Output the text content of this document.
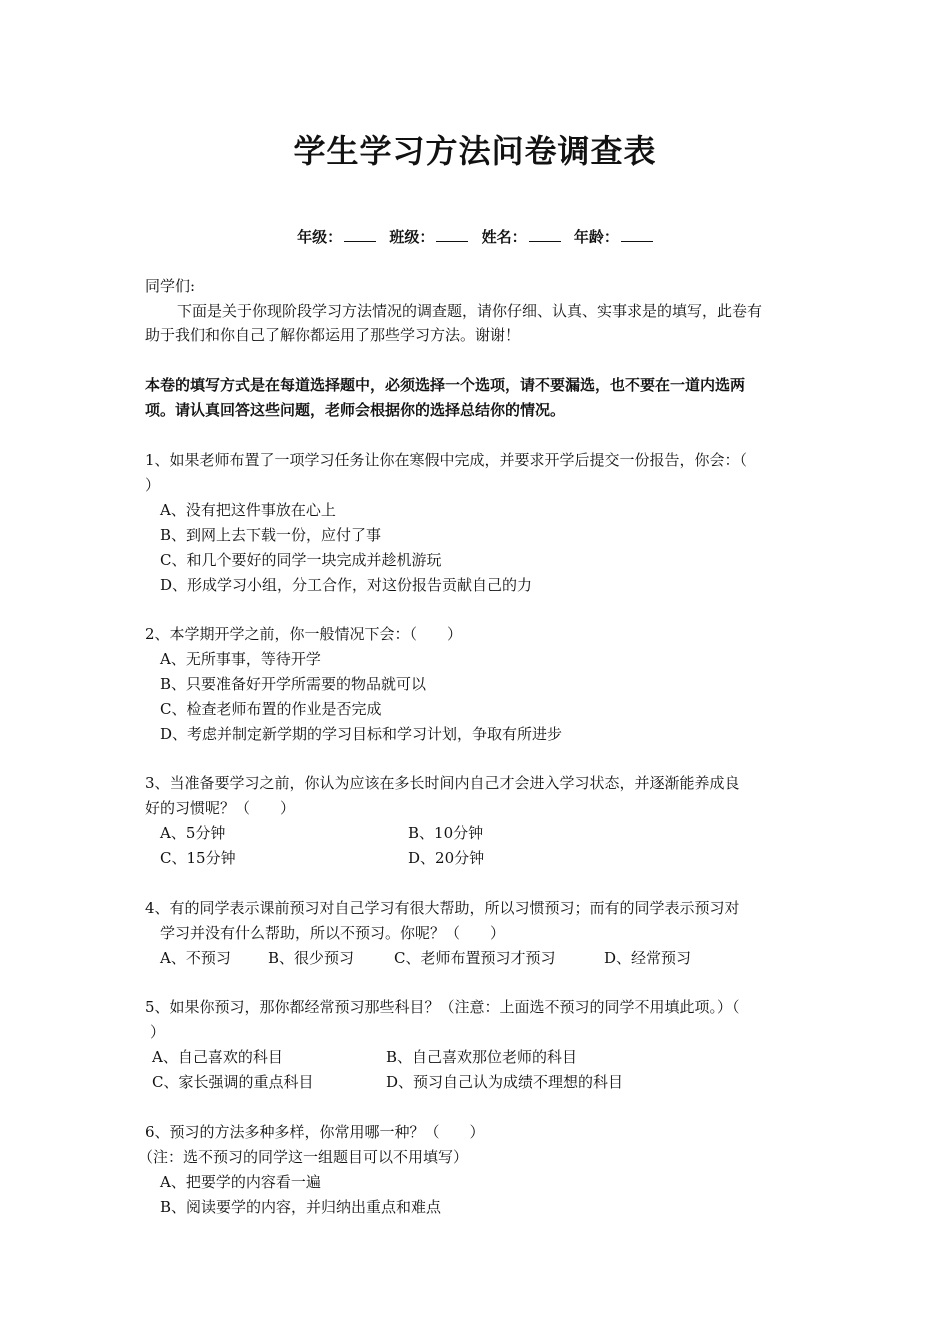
学生学习方法问卷调查表
年级：	班级：	姓名：	年龄：
同学们:
下面是关于你现阶段学习方法情况的调查题，请你仔细、认真、实事求是的填写，此卷有
助于我们和你自己了解你都运用了那些学习方法。谢谢！
本卷的填写方式是在每道选择题中，必须选择一个选项，请不要漏选，也不要在一道内选两
项。请认真回答这些问题，老师会根据你的选择总结你的情况。
1、如果老师布置了一项学习任务让你在寒假中完成，并要求开学后提交一份报告，你会：（
）
A、没有把这件事放在心上
B、到网上去下载一份，应付了事
C、和几个要好的同学一块完成并趁机游玩
D、形成学习小组，分工合作，对这份报告贡献自己的力
2、本学期开学之前，你一般情况下会：（　　）
A、无所事事，等待开学
B、只要准备好开学所需要的物品就可以
C、检查老师布置的作业是否完成
D、考虑并制定新学期的学习目标和学习计划，争取有所进步
3、当准备要学习之前，你认为应该在多长时间内自己才会进入学习状态，并逐渐能养成良
好的习惯呢？（　　）
A、5分钟	B、10分钟
C、15分钟	D、20分钟
4、有的同学表示课前预习对自己学习有很大帮助，所以习惯预习；而有的同学表示预习对
学习并没有什么帮助，所以不预习。你呢？（　　）
A、不预习 B、很少预习	C、老师布置预习才预习	D、经常预习
5、如果你预习，那你都经常预习那些科目？（注意：上面选不预习的同学不用填此项。）（
）
A、自己喜欢的科目	B、自己喜欢那位老师的科目
C、家长强调的重点科目	D、预习自己认为成绩不理想的科目
6、预习的方法多种多样，你常用哪一种？（　　）
（注：选不预习的同学这一组题目可以不用填写）
A、把要学的内容看一遍
B、阅读要学的内容，并归纳出重点和难点
